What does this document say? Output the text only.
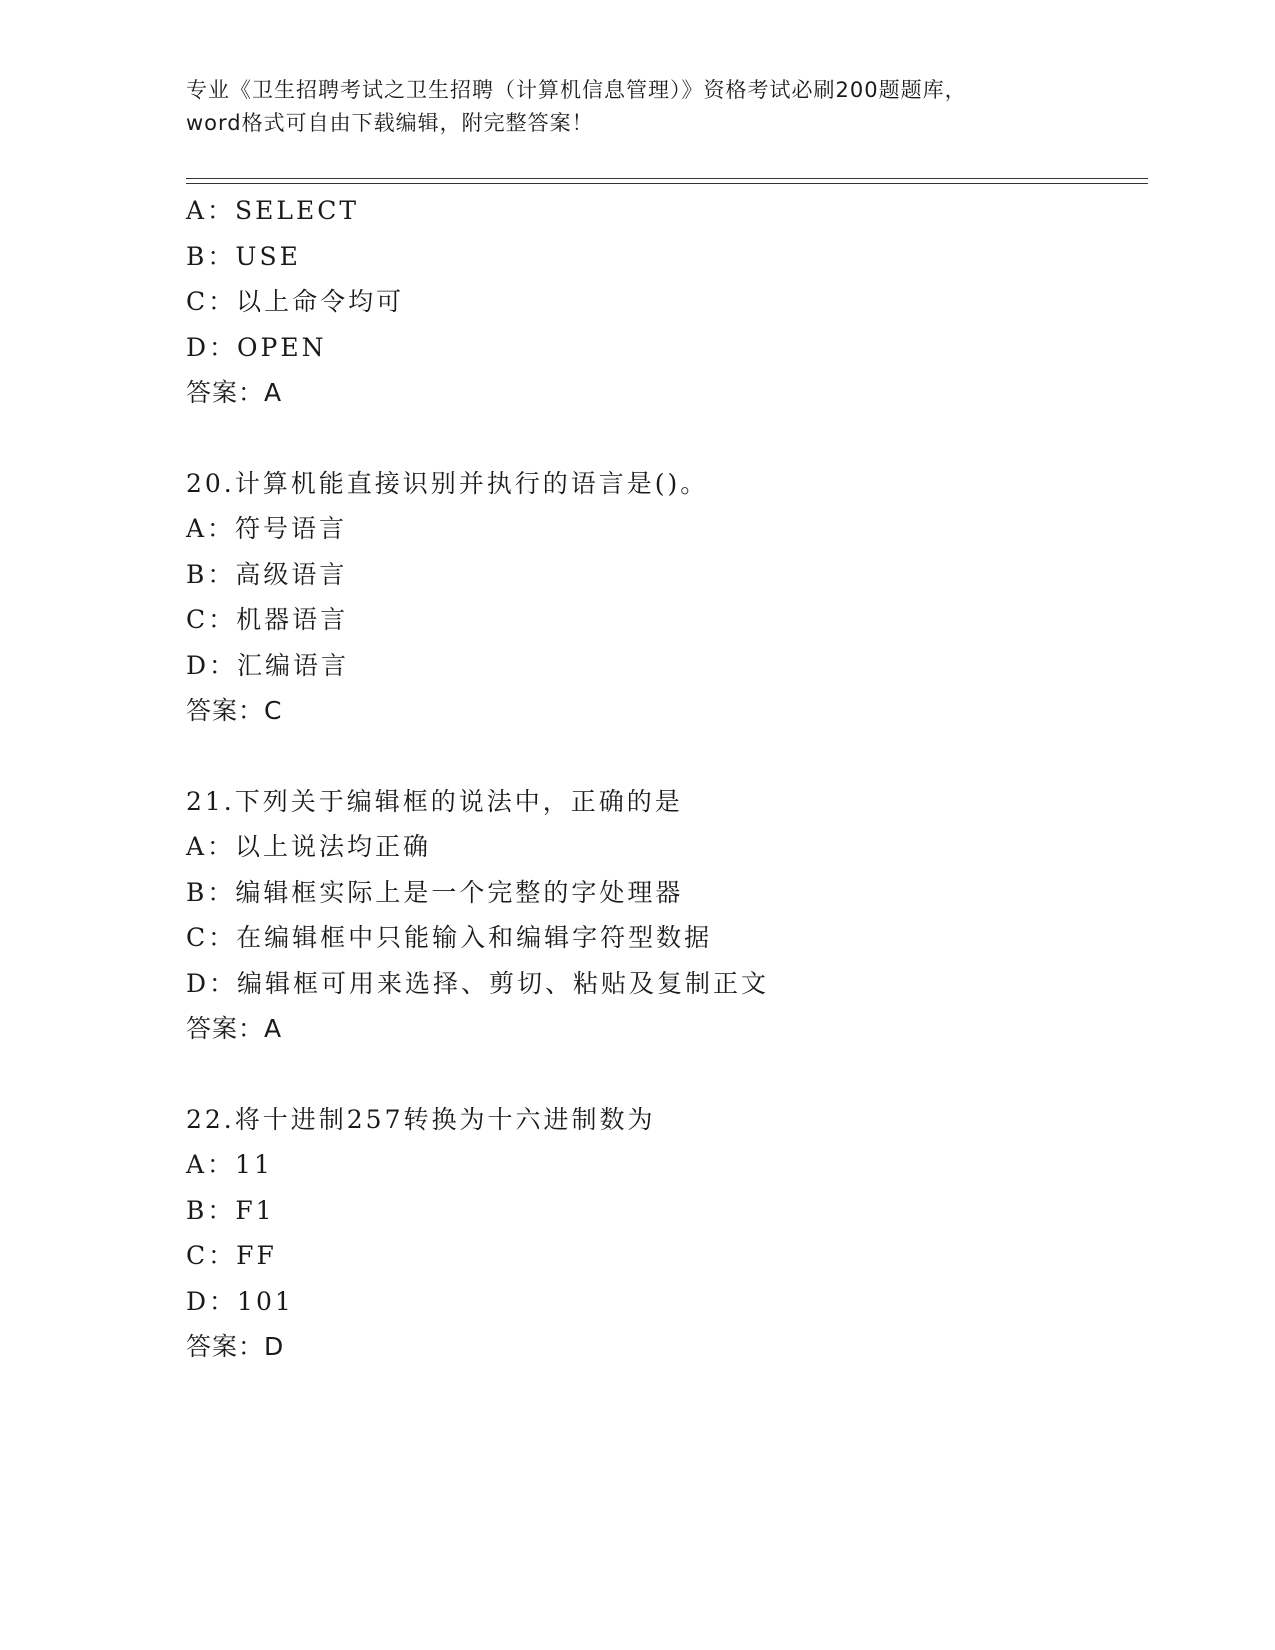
专业《卫生招聘考试之卫生招聘（计算机信息管理）》资格考试必刷200题题库，
word格式可自由下载编辑，附完整答案！
A：SELECT
B：USE
C：以上命令均可
D：OPEN
答案：A
20.计算机能直接识别并执行的语言是()。
A：符号语言
B：高级语言
C：机器语言
D：汇编语言
答案：C
21.下列关于编辑框的说法中，正确的是
A：以上说法均正确
B：编辑框实际上是一个完整的字处理器
C：在编辑框中只能输入和编辑字符型数据
D：编辑框可用来选择、剪切、粘贴及复制正文
答案：A
22.将十进制257转换为十六进制数为
A：11
B：F1
C：FF
D：101
答案：D
